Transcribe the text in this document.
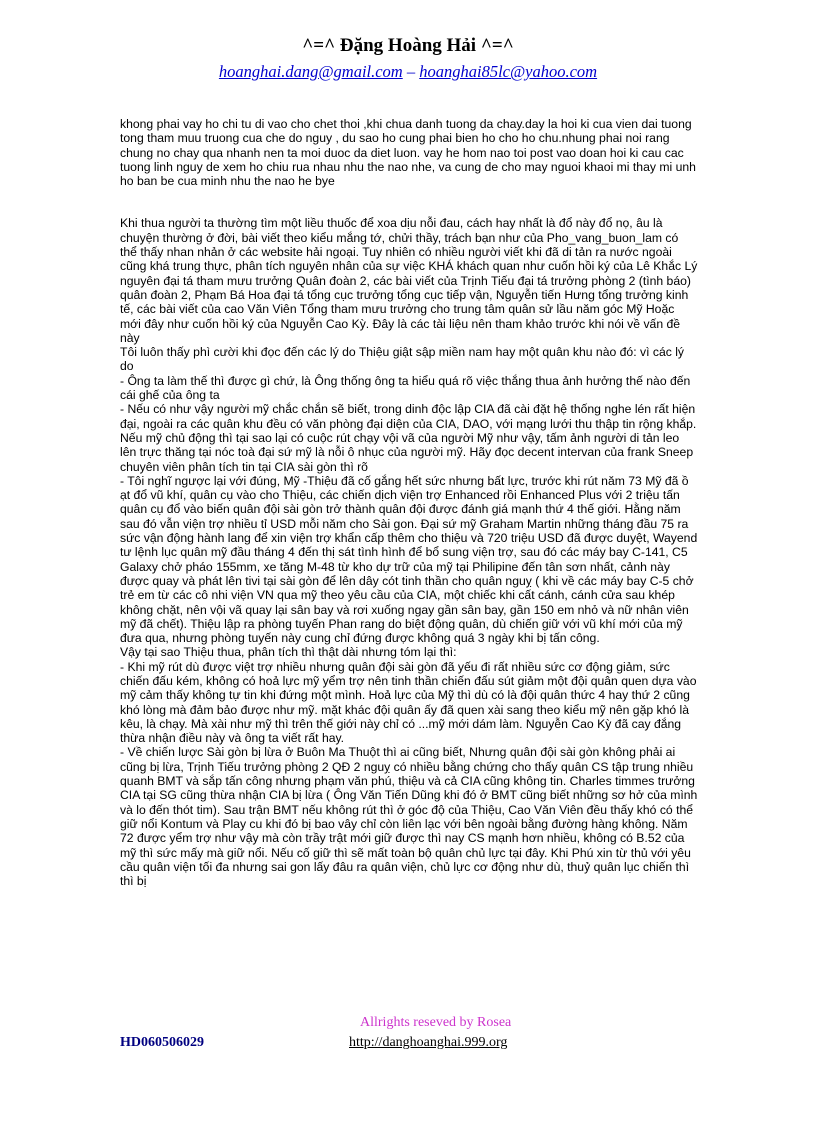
^=^ Đặng Hoàng Hải ^=^
hoanghai.dang@gmail.com – hoanghai85lc@yahoo.com

khong phai vay ho chi tu di vao cho chet thoi ,khi chua danh tuong da chay.day la hoi ki cua vien dai tuong tong tham muu truong cua che do nguy , du sao ho cung phai bien ho cho ho chu.nhung phai noi rang chung no chay qua nhanh nen ta moi duoc da diet luon. vay he hom nao toi post vao doan hoi ki cau cac tuong linh nguy de xem ho chiu rua nhau nhu the nao nhe, va cung de cho may nguoi khaoi mi thay mi unh ho ban be cua minh nhu the nao he bye

Khi thua người ta thường tìm một liều thuốc để xoa dịu nỗi đau, cách hay nhất là đổ này đổ nọ, âu là chuyện thường ở đời, bài viết theo kiểu mắng tớ, chửi thầy, trách bạn như của Pho_vang_buon_lam có thể thấy nhan nhản ở các website hải ngoại. Tuy nhiên có nhiều người viết khi đã di tản ra nước ngoài cũng khá trung thực, phân tích nguyên nhân của sự việc KHÁ khách quan như cuốn hồi ký của Lê Khắc Lý nguyên đại tá tham mưu trưởng Quân đoàn 2, các bài viết của Trịnh Tiếu đại tá trưởng phòng 2 (tình báo) quân đoàn 2, Phạm Bá Hoa đại tá tổng cục trưởng tổng cục tiếp vận, Nguyễn tiến Hưng tổng trưởng kinh tế, các bài viết của cao Văn Viên Tổng tham mưu trưởng cho trung tâm quân sử lầu năm góc Mỹ Hoặc mới đây như cuốn hồi ký của Nguyễn Cao Kỳ. Đây là các tài liệu nên tham khảo trước khi nói về vấn đề này

Tôi luôn thấy phì cười khi đọc đến các lý do Thiệu giật sập miền nam hay một quân khu nào đó: vì các lý do

- Ông ta làm thế thì được gì chứ, là Ông thống ông ta hiểu quá rõ việc thắng thua ảnh hưởng thế nào đến cái ghế của ông ta

- Nếu có như vậy người mỹ chắc chắn sẽ biết, trong dinh độc lập CIA đã cài đặt hệ thống nghe lén rất hiện đại, ngoài ra các quân khu đều có văn phòng đại diện của CIA, DAO, với mạng lưới thu thập tin rộng khắp. Nếu mỹ chủ động thì tại sao lại có cuộc rút chạy vội vã của người Mỹ như vậy, tấm ảnh người di tản leo lên trực thăng tại nóc toà đại sứ mỹ là nỗi ô nhục của người mỹ. Hãy đọc decent intervan của frank Sneep chuyên viên phân tích tin tại CIA sài gòn thì rõ

- Tôi nghĩ ngược lại với đúng, Mỹ -Thiệu đã cố gắng hết sức nhưng bất lực, trước khi rút năm 73 Mỹ đã ồ ạt đổ vũ khí, quân cụ vào cho Thiệu, các chiến dịch viện trợ Enhanced rồi Enhanced Plus với 2 triệu tấn quân cụ đổ vào biến quân đội sài gòn trở thành quân đội được đánh giá mạnh thứ 4 thế giới. Hằng năm sau đó vẫn viện trợ nhiều tỉ USD mỗi năm cho Sài gon. Đại sứ mỹ Graham Martin những tháng đầu 75 ra sức vận động hành lang để xin viện trợ khẩn cấp thêm cho thiệu và 720 triệu USD đã được duyệt, Wayend tư lệnh lục quân mỹ đầu tháng 4 đến thị sát tình hình để bổ sung viện trợ, sau đó các máy bay C-141, C5 Galaxy chở pháo 155mm, xe tăng M-48 từ kho dự trữ của mỹ tại Philipine đến tân sơn nhất, cảnh này được quay và phát lên tivi tại sài gòn để lên dây cót tinh thần cho quân nguỵ ( khi về các máy bay C-5 chở trẻ em từ các cô nhi viện VN qua mỹ theo yêu cầu của CIA, một chiếc khi cất cánh, cánh cửa sau khép không chặt, nên vội vã quay lại sân bay và rơi xuống ngay gần sân bay, gần 150 em nhỏ và nữ nhân viên mỹ đã chết). Thiệu lập ra phòng tuyến Phan rang do biệt động quân, dù chiến giữ với vũ khí mới của mỹ đưa qua, nhưng phòng tuyến này cung chỉ đứng được không quá 3 ngày khi bị tấn công.

Vậy tại sao Thiệu thua, phân tích thì thật dài nhưng tóm lại thì:

- Khi mỹ rút dù được việt trợ nhiều nhưng quân đội sài gòn đã yếu đi rất nhiều sức cơ động giảm, sức chiến đấu kém, không có hoả lực mỹ yểm trợ nên tinh thần chiến đấu sút giảm một đội quân quen dựa vào mỹ cảm thấy không tự tin khi đứng một mình. Hoả lực của Mỹ thì dù có là đội quân thức 4 hay thứ 2 cũng khó lòng mà đảm bảo được như mỹ. mặt khác đội quân ấy đã quen xài sang theo kiểu mỹ nên gặp khó là kêu, là chạy. Mà xài như mỹ thì trên thế giới này chỉ có ...mỹ mới dám làm. Nguyễn Cao Kỳ đã cay đắng thừa nhận điều này và ông ta viết rất hay.

- Về chiến lược Sài gòn bị lừa ở Buôn Ma Thuột thì ai cũng biết, Nhưng quân đội sài gòn không phải ai cũng bị lừa, Trịnh Tiếu trưởng phòng 2 QĐ 2 nguỵ có nhiều bằng chứng cho thấy quân CS tập trung nhiều quanh BMT và sắp tấn công nhưng phạm văn phú, thiệu và cả CIA cũng không tin. Charles timmes trưởng CIA tại SG cũng thừa nhận CIA bị lừa ( Ông Văn Tiến Dũng khi đó ở BMT cũng biết những sơ hở của mình và lo đến thót tim). Sau trận BMT nếu không rút thì ở góc độ của Thiệu, Cao Văn Viên đều thấy khó có thể giữ nổi Kontum và Play cu khi đó bị bao vây chỉ còn liên lạc với bên ngoài bằng đường hàng không. Năm 72 được yểm trợ như vậy mà còn trầy trật mới giữ được thì nay CS mạnh hơn nhiều, không có B.52 của mỹ thì sức mấy mà giữ nổi. Nếu cố giữ thì sẽ mất toàn bộ quân chủ lực tại đây. Khi Phú xin từ thủ với yêu cầu quân viện tối đa nhưng sai gon lấy đâu ra quân viện, chủ lực cơ động như dù, thuỷ quân lục chiến thì thì bị

Allrights reseved by Rosea
HD060506029	http://danghoanghai.999.org
